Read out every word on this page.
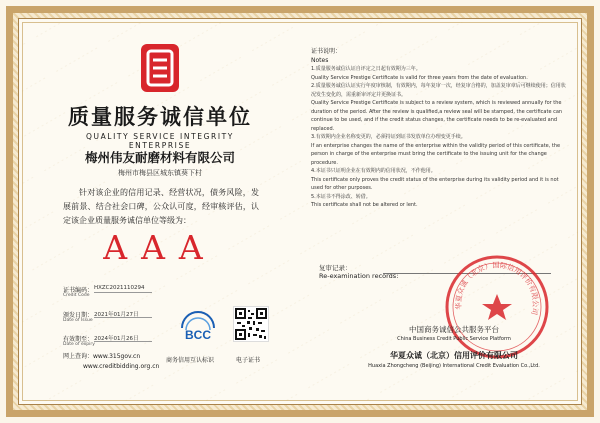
质量服务诚信单位
QUALITY SERVICE INTEGRITY ENTERPRISE
梅州伟友耐磨材料有限公司
梅州市梅县区城东镇葵下村
针对该企业的信用记录、经营状况，债务风险，发展前景、结合社会口碑，公众认可度，经审核评估，认定该企业质量服务诚信单位等级为：
AAA
证书编码：
Credit Code
HXZC2021110294
颁发日期：
Date of Issue
2021年01月27日
有效期至：
Date of expiry
2024年01月26日	BCC
网上查询：www.315gov.cn
www.creditbidding.org.cn
商务信用互认标识	电子证书
证书说明：
Notes
1.质量服务诚信认证自评定之日起有效期为三年。
Quality Service Prestige Certificate is valid for three years from the date of evaluation.
2.质量服务诚信认证实行年度审核制，有效期内，每年复审一次，经复审合格的，加盖复审章后可继续使用；信用状况发生变化的，需重新审评定并更换证书。
Quality Service Prestige Certificate is subject to a review system, which is reviewed annually for the duration of the period. After the review is qualified,a review seal will be stamped, the certificate can continue to be used, and if the credit status changes, the certificate needs to be re-evaluated and replaced.
3.有效期内企业名称变更的，必须持证到证书发放单位办理变更手续。
If an enterprise changes the name of the enterprise within the validity period of this certificate, the person in charge of the enterprise must bring the certificate to the issuing unit for the change procedure.
4.本证书只证明企业在有效期内的信用状况，不作他用。
This certificate only proves the credit status of the enterprise during its validity period and it is not used for other purposes.
5.本证书不得涂改、转借。
This certificate shall not be altered or lent.
复审记录：
Re-examination records:
华夏众诚（北京）国际信用评价有限公司
中国商务诚信公共服务平台
China Business Credit Public Service Platform
华夏众诚（北京）信用评价有限公司
Huaxia Zhongcheng (Beijing) International Credit Evaluation Co.,Ltd.
